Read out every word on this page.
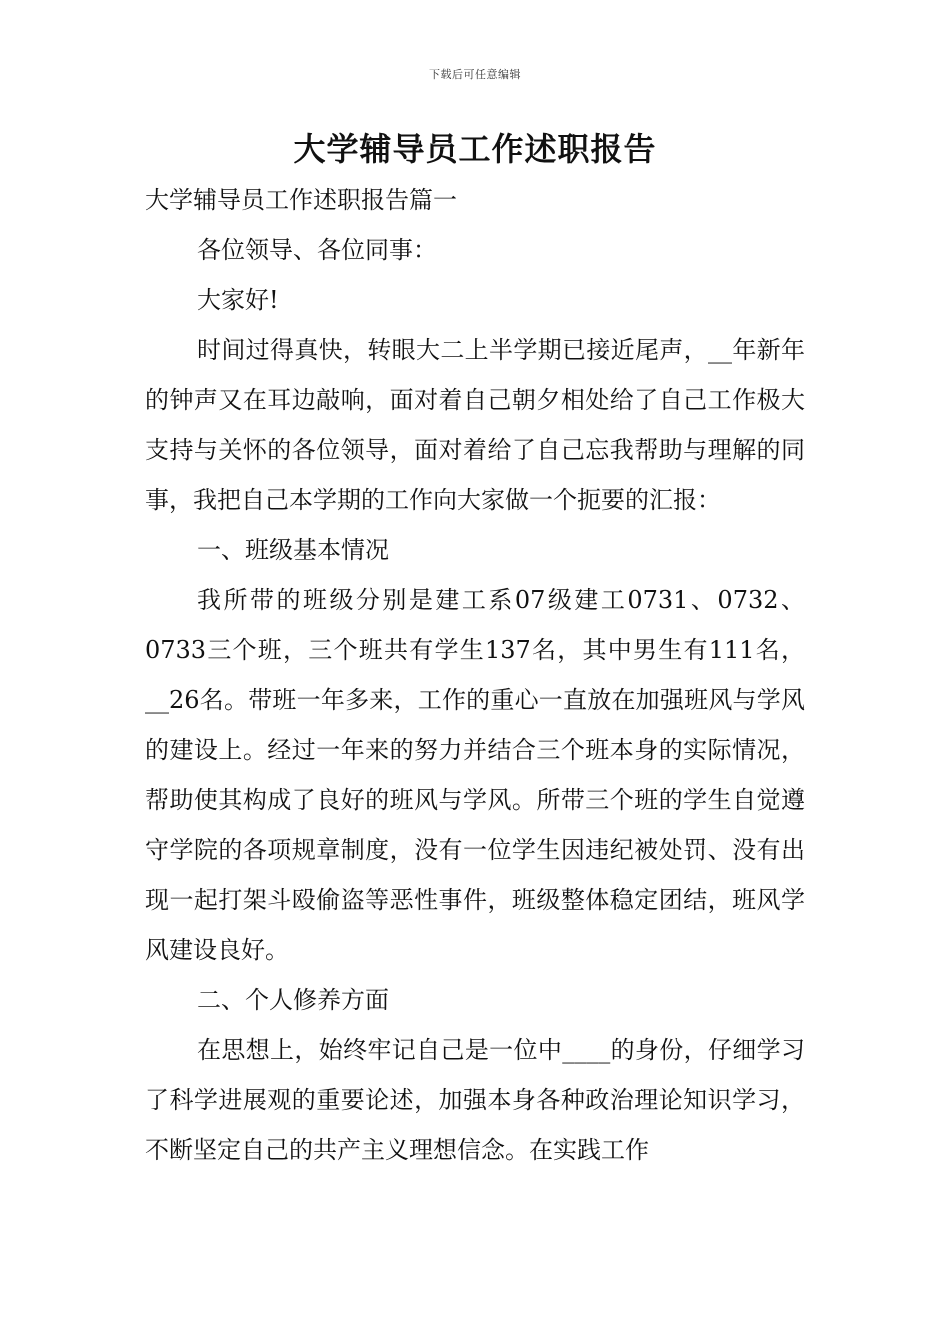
下载后可任意编辑
大学辅导员工作述职报告

大学辅导员工作述职报告篇一

各位领导、各位同事：

大家好!

时间过得真快，转眼大二上半学期已接近尾声，__年新年的钟声又在耳边敲响，面对着自己朝夕相处给了自己工作极大支持与关怀的各位领导，面对着给了自己忘我帮助与理解的同事，我把自己本学期的工作向大家做一个扼要的汇报：

一、班级基本情况

我所带的班级分别是建工系07级建工0731、0732、0733三个班，三个班共有学生137名，其中男生有111名，__26名。带班一年多来，工作的重心一直放在加强班风与学风的建设上。经过一年来的努力并结合三个班本身的实际情况，帮助使其构成了良好的班风与学风。所带三个班的学生自觉遵守学院的各项规章制度，没有一位学生因违纪被处罚、没有出现一起打架斗殴偷盗等恶性事件，班级整体稳定团结，班风学风建设良好。

二、个人修养方面

在思想上，始终牢记自己是一位中____的身份，仔细学习了科学进展观的重要论述，加强本身各种政治理论知识学习，不断坚定自己的共产主义理想信念。在实践工作
